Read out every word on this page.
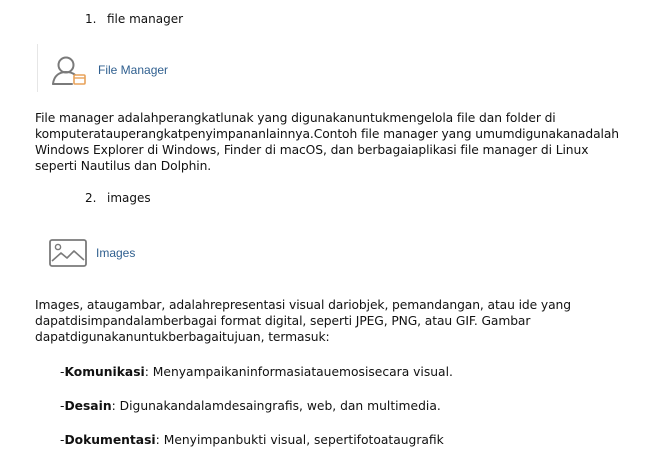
1. file manager
File Manager
File manager adalahperangkatlunak yang digunakanuntukmengelola file dan folder di
komputeratauperangkatpenyimpananlainnya.Contoh file manager yang umumdigunakanadalah
Windows Explorer di Windows, Finder di macOS, dan berbagaiaplikasi file manager di Linux
seperti Nautilus dan Dolphin.
2. images
Images
Images, ataugambar, adalahrepresentasi visual dariobjek, pemandangan, atau ide yang
dapatdisimpandalamberbagai format digital, seperti JPEG, PNG, atau GIF. Gambar
dapatdigunakanuntukberbagaitujuan, termasuk:
-Komunikasi: Menyampaikaninformasiatauemosisecara visual.
-Desain: Digunakandalamdesaingrafis, web, dan multimedia.
-Dokumentasi: Menyimpanbukti visual, sepertifotoataugrafik
